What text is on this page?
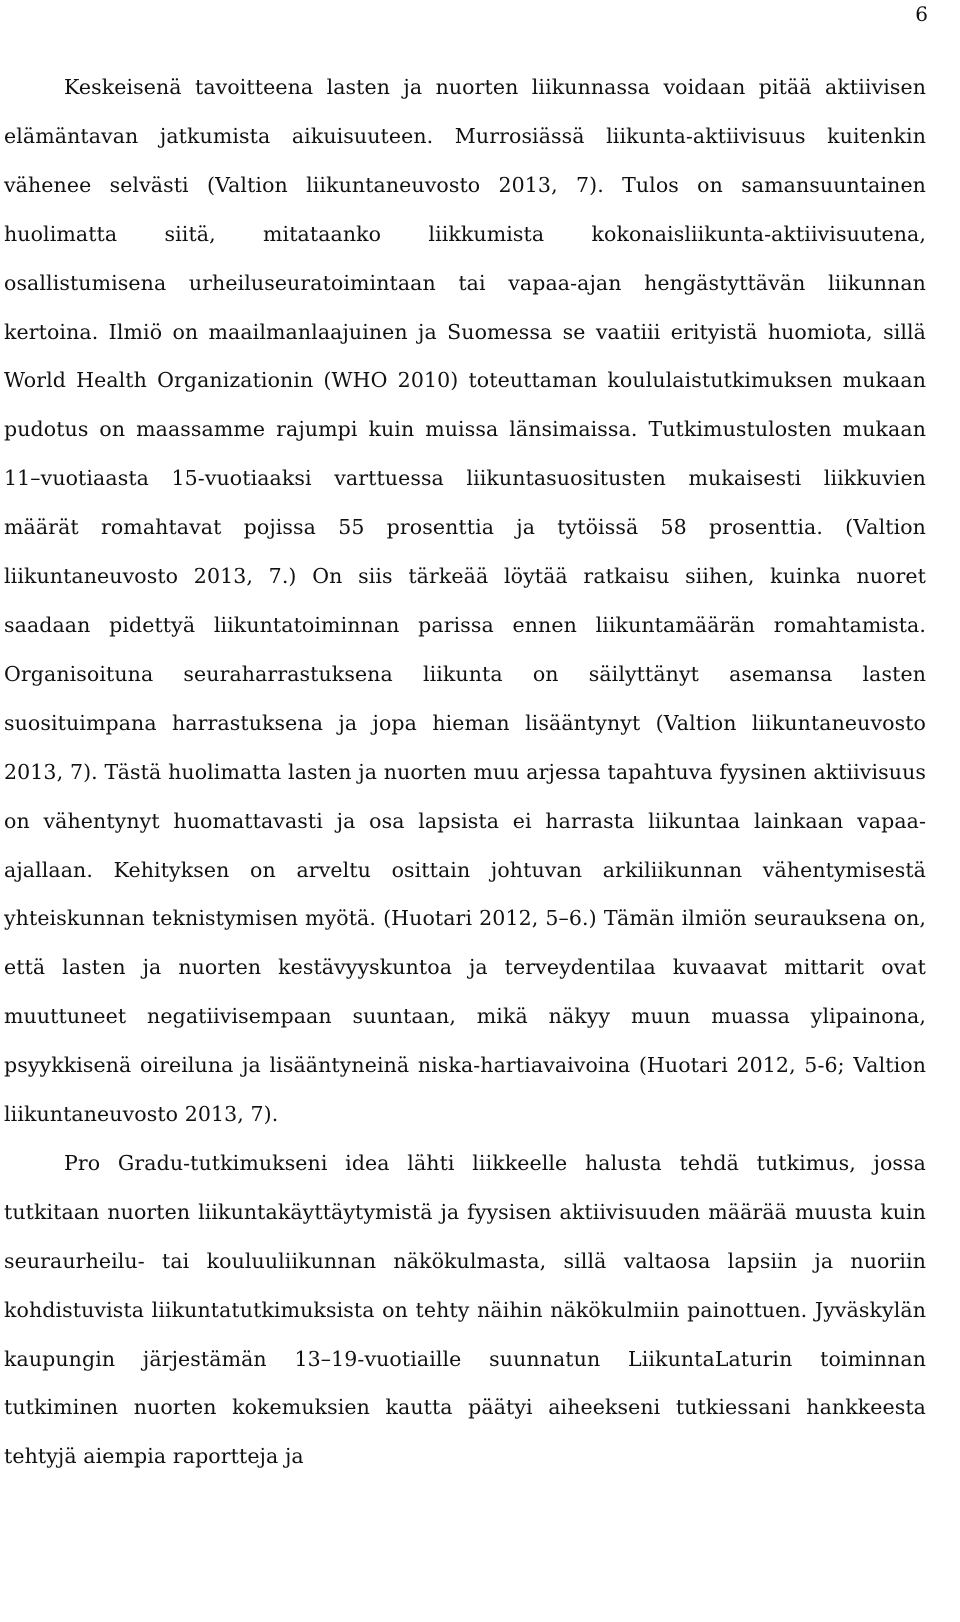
6

Keskeisenä tavoitteena lasten ja nuorten liikunnassa voidaan pitää aktiivisen elämäntavan jatkumista aikuisuuteen. Murrosiässä liikunta-aktiivisuus kuitenkin vähenee selvästi (Valtion liikuntaneuvosto 2013, 7). Tulos on samansuuntainen huolimatta siitä, mitataanko liikkumista kokonaisliikunta-aktiivisuutena, osallistumisena urheiluseuratoimintaan tai vapaa-ajan hengästyttävän liikunnan kertoina. Ilmiö on maailmanlaajuinen ja Suomessa se vaatiii erityistä huomiota, sillä World Health Organizationin (WHO 2010) toteuttaman koululaistutkimuksen mukaan pudotus on maassamme rajumpi kuin muissa länsimaissa. Tutkimustulosten mukaan 11–vuotiaasta 15-vuotiaaksi varttuessa liikuntasuositusten mukaisesti liikkuvien määrät romahtavat pojissa 55 prosenttia ja tytöissä 58 prosenttia. (Valtion liikuntaneuvosto 2013, 7.) On siis tärkeää löytää ratkaisu siihen, kuinka nuoret saadaan pidettyä liikuntatoiminnan parissa ennen liikuntamäärän romahtamista. Organisoituna seuraharrastuksena liikunta on säilyttänyt asemansa lasten suosituimpana harrastuksena ja jopa hieman lisääntynyt (Valtion liikuntaneuvosto 2013, 7). Tästä huolimatta lasten ja nuorten muu arjessa tapahtuva fyysinen aktiivisuus on vähentynyt huomattavasti ja osa lapsista ei harrasta liikuntaa lainkaan vapaa-ajallaan. Kehityksen on arveltu osittain johtuvan arkiliikunnan vähentymisestä yhteiskunnan teknistymisen myötä. (Huotari 2012, 5–6.) Tämän ilmiön seurauksena on, että lasten ja nuorten kestävyyskuntoa ja terveydentilaa kuvaavat mittarit ovat muuttuneet negatiivisempaan suuntaan, mikä näkyy muun muassa ylipainona, psyykkisenä oireiluna ja lisääntyneinä niska-hartiavaivoina (Huotari 2012, 5-6; Valtion liikuntaneuvosto 2013, 7).

Pro Gradu-tutkimukseni idea lähti liikkeelle halusta tehdä tutkimus, jossa tutkitaan nuorten liikuntakäyttäytymistä ja fyysisen aktiivisuuden määrää muusta kuin seuraurheilu- tai kouluuliikunnan näkökulmasta, sillä valtaosa lapsiin ja nuoriin kohdistuvista liikuntatutkimuksista on tehty näihin näkökulmiin painottuen. Jyväskylän kaupungin järjestämän 13–19-vuotiaille suunnatun LiikuntaLaturin toiminnan tutkiminen nuorten kokemuksien kautta päätyi aiheekseni tutkiessani hankkeesta tehtyjä aiempia raportteja ja
